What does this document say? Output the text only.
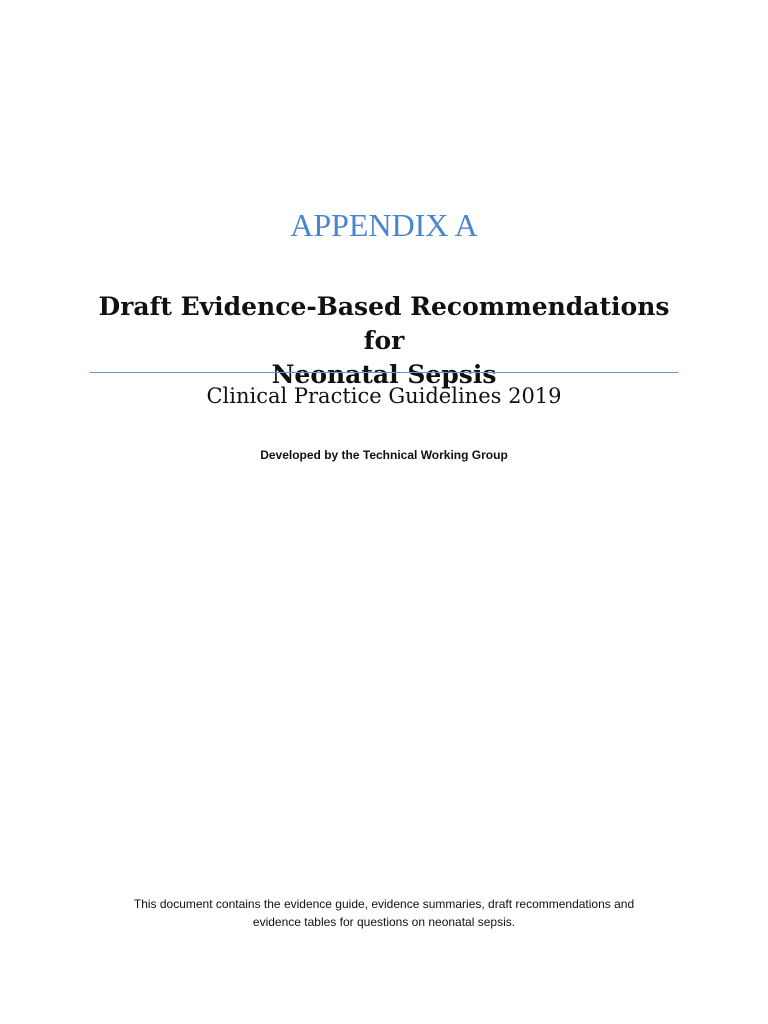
APPENDIX A
Draft Evidence-Based Recommendations for
Neonatal Sepsis

Clinical Practice Guidelines 2019

Developed by the Technical Working Group

This document contains the evidence guide, evidence summaries, draft recommendations and
evidence tables for questions on neonatal sepsis.
